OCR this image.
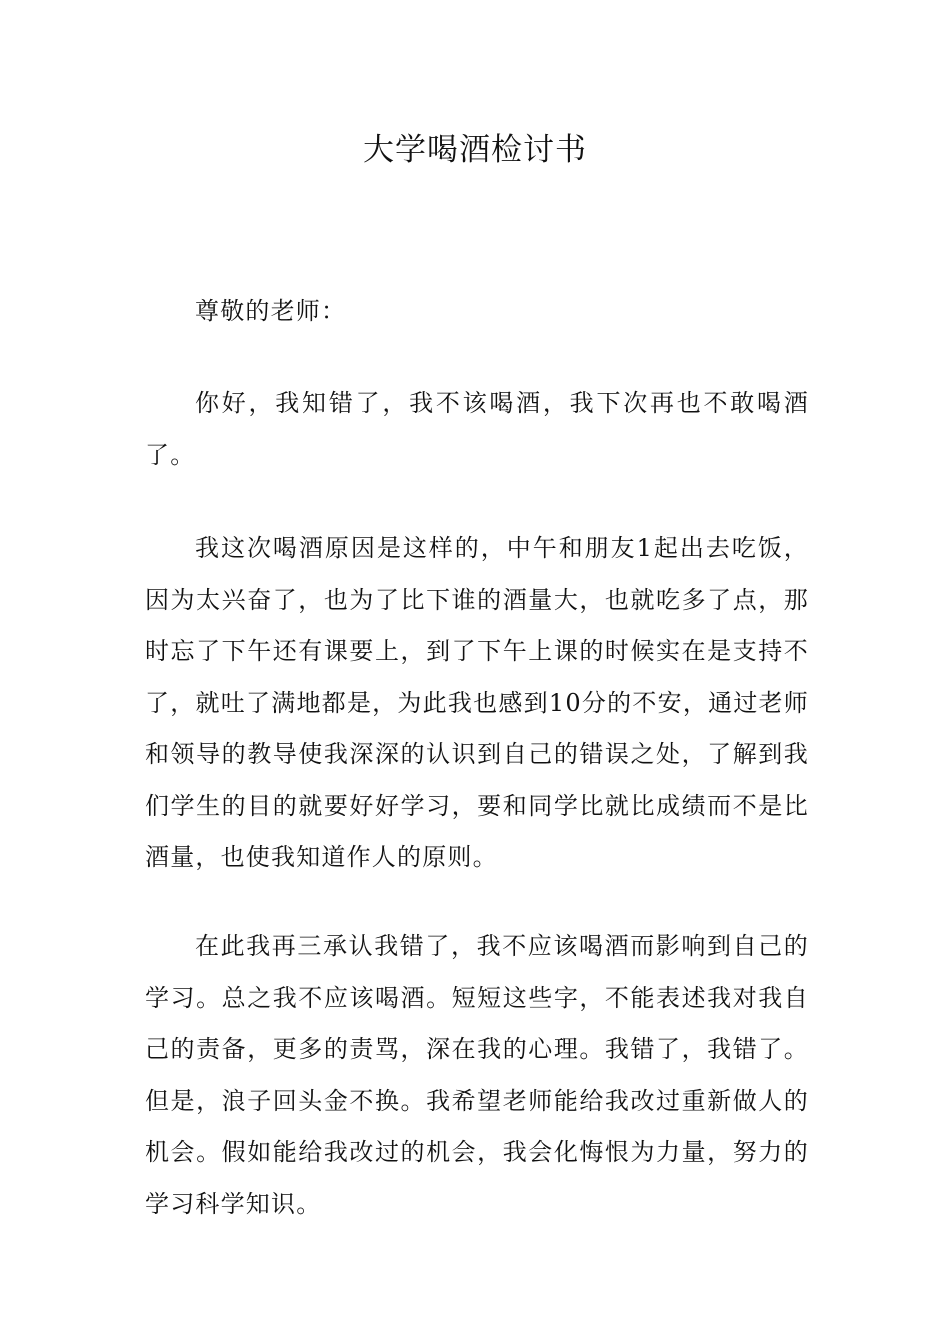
大学喝酒检讨书

尊敬的老师：

你好，我知错了，我不该喝酒，我下次再也不敢喝酒了。

我这次喝酒原因是这样的，中午和朋友1起出去吃饭，因为太兴奋了，也为了比下谁的酒量大，也就吃多了点，那时忘了下午还有课要上，到了下午上课的时候实在是支持不了，就吐了满地都是，为此我也感到10分的不安，通过老师和领导的教导使我深深的认识到自己的错误之处，了解到我们学生的目的就要好好学习，要和同学比就比成绩而不是比酒量，也使我知道作人的原则。

在此我再三承认我错了，我不应该喝酒而影响到自己的学习。总之我不应该喝酒。短短这些字，不能表述我对我自己的责备，更多的责骂，深在我的心理。我错了，我错了。但是，浪子回头金不换。我希望老师能给我改过重新做人的机会。假如能给我改过的机会，我会化悔恨为力量，努力的学习科学知识。
